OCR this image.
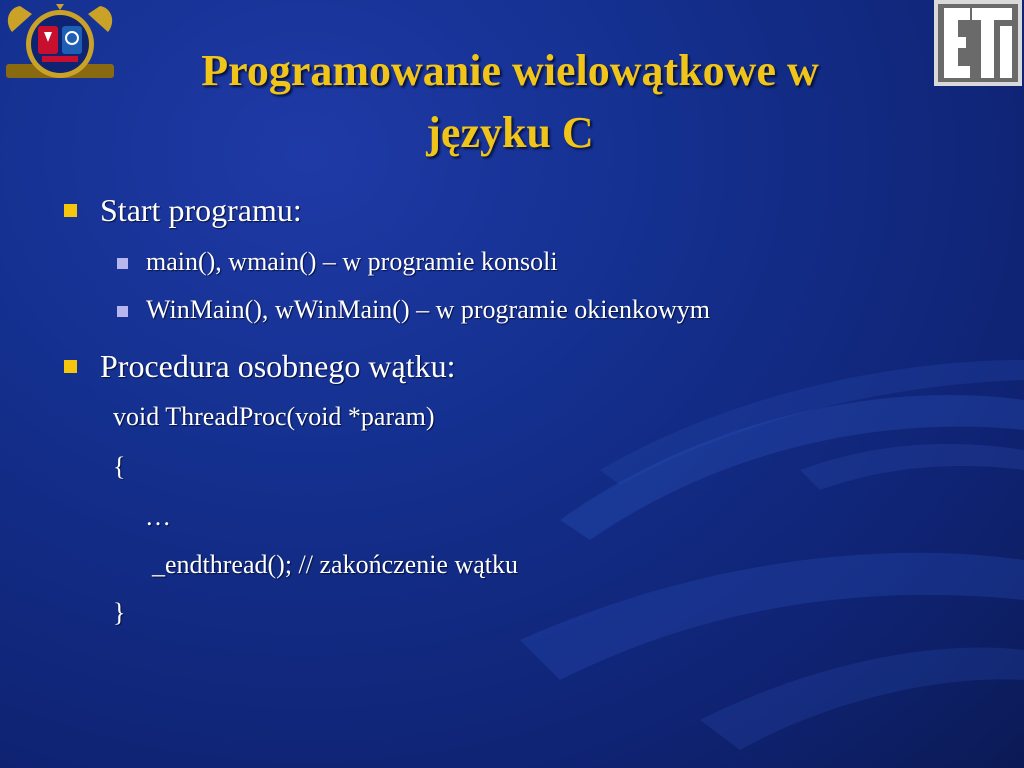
Programowanie wielowątkowe w
języku C
Start programu:
main(), wmain() – w programie konsoli
WinMain(), wWinMain() – w programie okienkowym
Procedura osobnego wątku:
void ThreadProc(void *param)
{
…
_endthread(); // zakończenie wątku
}
